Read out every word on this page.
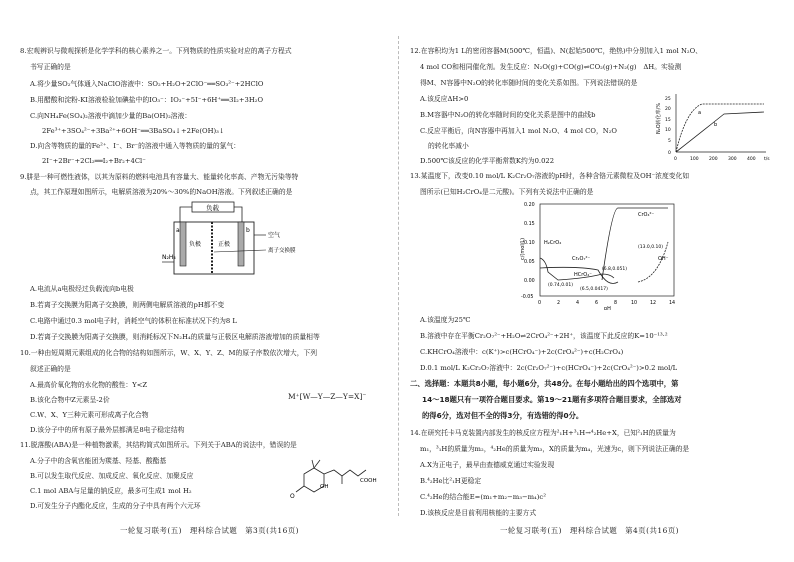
8.宏观辨识与微观探析是化学学科的核心素养之一。下列物质的性质实验对应的离子方程式
书写正确的是
A.将少量SO₂气体通入NaClO溶液中：SO₂+H₂O+2ClO⁻══SO₃²⁻+2HClO
B.用醋酸和淀粉-KI溶液检验加碘盐中的IO₃⁻：IO₃⁻+5I⁻+6H⁺══3I₂+3H₂O
C.向NH₄Fe(SO₄)₂溶液中滴加少量的Ba(OH)₂溶液：
2Fe³⁺+3SO₄²⁻+3Ba²⁺+6OH⁻══3BaSO₄↓+2Fe(OH)₃↓
D.向含等物质的量的Fe²⁺、I⁻、Br⁻的溶液中通入等物质的量的氯气：
2I⁻+2Br⁻+2Cl₂══I₂+Br₂+4Cl⁻
9.肼是一种可燃性液体，以其为原料的燃料电池具有容量大、能量转化率高、产物无污染等特
点，其工作原理如图所示，电解质溶液为20%～30%的NaOH溶液。下列叙述正确的是
负载
a	b
负极	正极
空气
离子交换膜
N₂H₄
A.电流从a电极经过负载流向b电极
B.若离子交换膜为阳离子交换膜，则两侧电解质溶液的pH都不变
C.电路中通过0.3 mol电子时，消耗空气的体积在标准状况下约为8 L
D.若离子交换膜为阳离子交换膜，则消耗标况下N₂H₄的质量与正极区电解质溶液增加的质量相等
10.一种由短周期元素组成的化合物的结构如图所示，W、X、Y、Z、M的原子序数依次增大，下列
叙述正确的是
A.最高价氧化物的水化物的酸性：Y<Z
B.该化合物中Z元素呈-2价
C.W、X、Y三种元素可形成离子化合物
D.该分子中的所有原子最外层都满足8电子稳定结构
M⁺[W—Y—Z—Y=X]⁻
11.脱落酸(ABA)是一种植物激素，其结构简式如图所示。下列关于ABA的说法中，错误的是
A.分子中的含氧官能团为羰基、羟基、酸酯基
B.可以发生取代反应、加成反应、氧化反应、加聚反应
C.1 mol ABA与足量的钠反应，最多可生成1 mol H₂
D.可发生分子内酯化反应，生成的分子中具有两个六元环
O
OH
COOH
一轮复习联考(五)　理科综合试题　第3页(共16页)
12.在容积均为1 L的密闭容器M(500℃，恒温)、N(起始500℃，绝热)中分别加入1 mol N₂O、
4 mol CO和相同催化剂。发生反应：N₂O(g)+CO(g)⇌CO₂(g)+N₂(g)　ΔH。实验测
得M、N容器中N₂O的转化率随时间的变化关系如图。下列说法错误的是
A.该反应ΔH>0
B.M容器中N₂O的转化率随时间的变化关系是图中的曲线b
C.反应平衡后，向N容器中再加入1 mol N₂O、4 mol CO，N₂O
的转化率减小
D.500℃该反应的化学平衡常数K约为0.022
N₂O转化率/%
25
20
15
10
5
0
0	100 200 300 400 t/s
a
b
13.某温度下，改变0.10 mol/L K₂Cr₂O₇溶液的pH时，各种含铬元素微粒及OH⁻浓度变化如
图所示(已知H₂CrO₄是二元酸)。下列有关说法中正确的是
c/(mol/L)
0.20
0.15
0.10
0.05
0.00
-0.05
0	2	4	6	8	10	12	14
pH
CrO₄²⁻
H₂CrO₄
Cr₂O₇²⁻
HCrO₄⁻
OH⁻
(0.74,0.01)
(6.5,0.0417)
(6.8,0.051)
(13.0,0.10)
A.该温度为25℃
B.溶液中存在平衡Cr₂O₇²⁻+H₂O⇌2CrO₄²⁻+2H⁺，该温度下此反应的K=10⁻¹³·²
C.KHCrO₄溶液中：c(K⁺)>c(HCrO₄⁻)+2c(CrO₄²⁻)+c(H₂CrO₄)
D.0.1 mol/L K₂Cr₂O₇溶液中：2c(Cr₂O₇²⁻)+c(HCrO₄⁻)+2c(CrO₄²⁻)>0.2 mol/L
二、选择题：本题共8小题，每小题6分，共48分。在每小题给出的四个选项中，第
14～18题只有一项符合题目要求。第19～21题有多项符合题目要求，全部选对
的得6分，选对但不全的得3分，有选错的得0分。
14.在研究托卡马克装置内部发生的核反应方程为²₁H+³₁H→⁴₂He+X，已知²₁H的质量为
m₁，³₁H的质量为m₂，⁴₂He的质量为m₃，X的质量为m₄，光速为c，则下列说法正确的是
A.X为正电子，最早由查德威克通过实验发现
B.⁴₂He比²₁H更稳定
C.⁴₂He的结合能E=(m₁+m₂−m₃−m₄)c²
D.该核反应是目前利用核能的主要方式
一轮复习联考(五)　理科综合试题　第4页(共16页)
